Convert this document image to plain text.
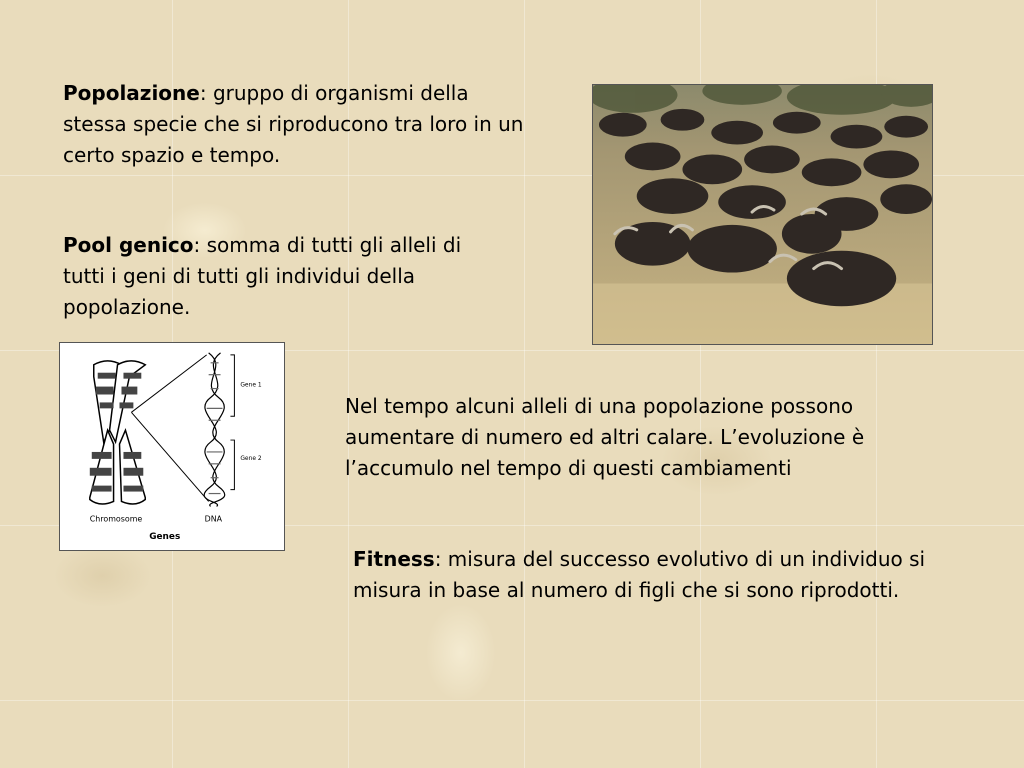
Popolazione: gruppo di organismi della stessa specie che si riproducono tra loro in un certo spazio e tempo.

Pool genico: somma di tutti gli alleli di tutti i geni di tutti gli individui della popolazione.

Gene 1
Gene 2
Chromosome	DNA
Genes

Nel tempo alcuni alleli di una popolazione possono aumentare di numero ed altri calare. L’evoluzione è l’accumulo nel tempo di questi cambiamenti

Fitness: misura del successo evolutivo di un individuo si misura in base al numero di figli che si sono riprodotti.
